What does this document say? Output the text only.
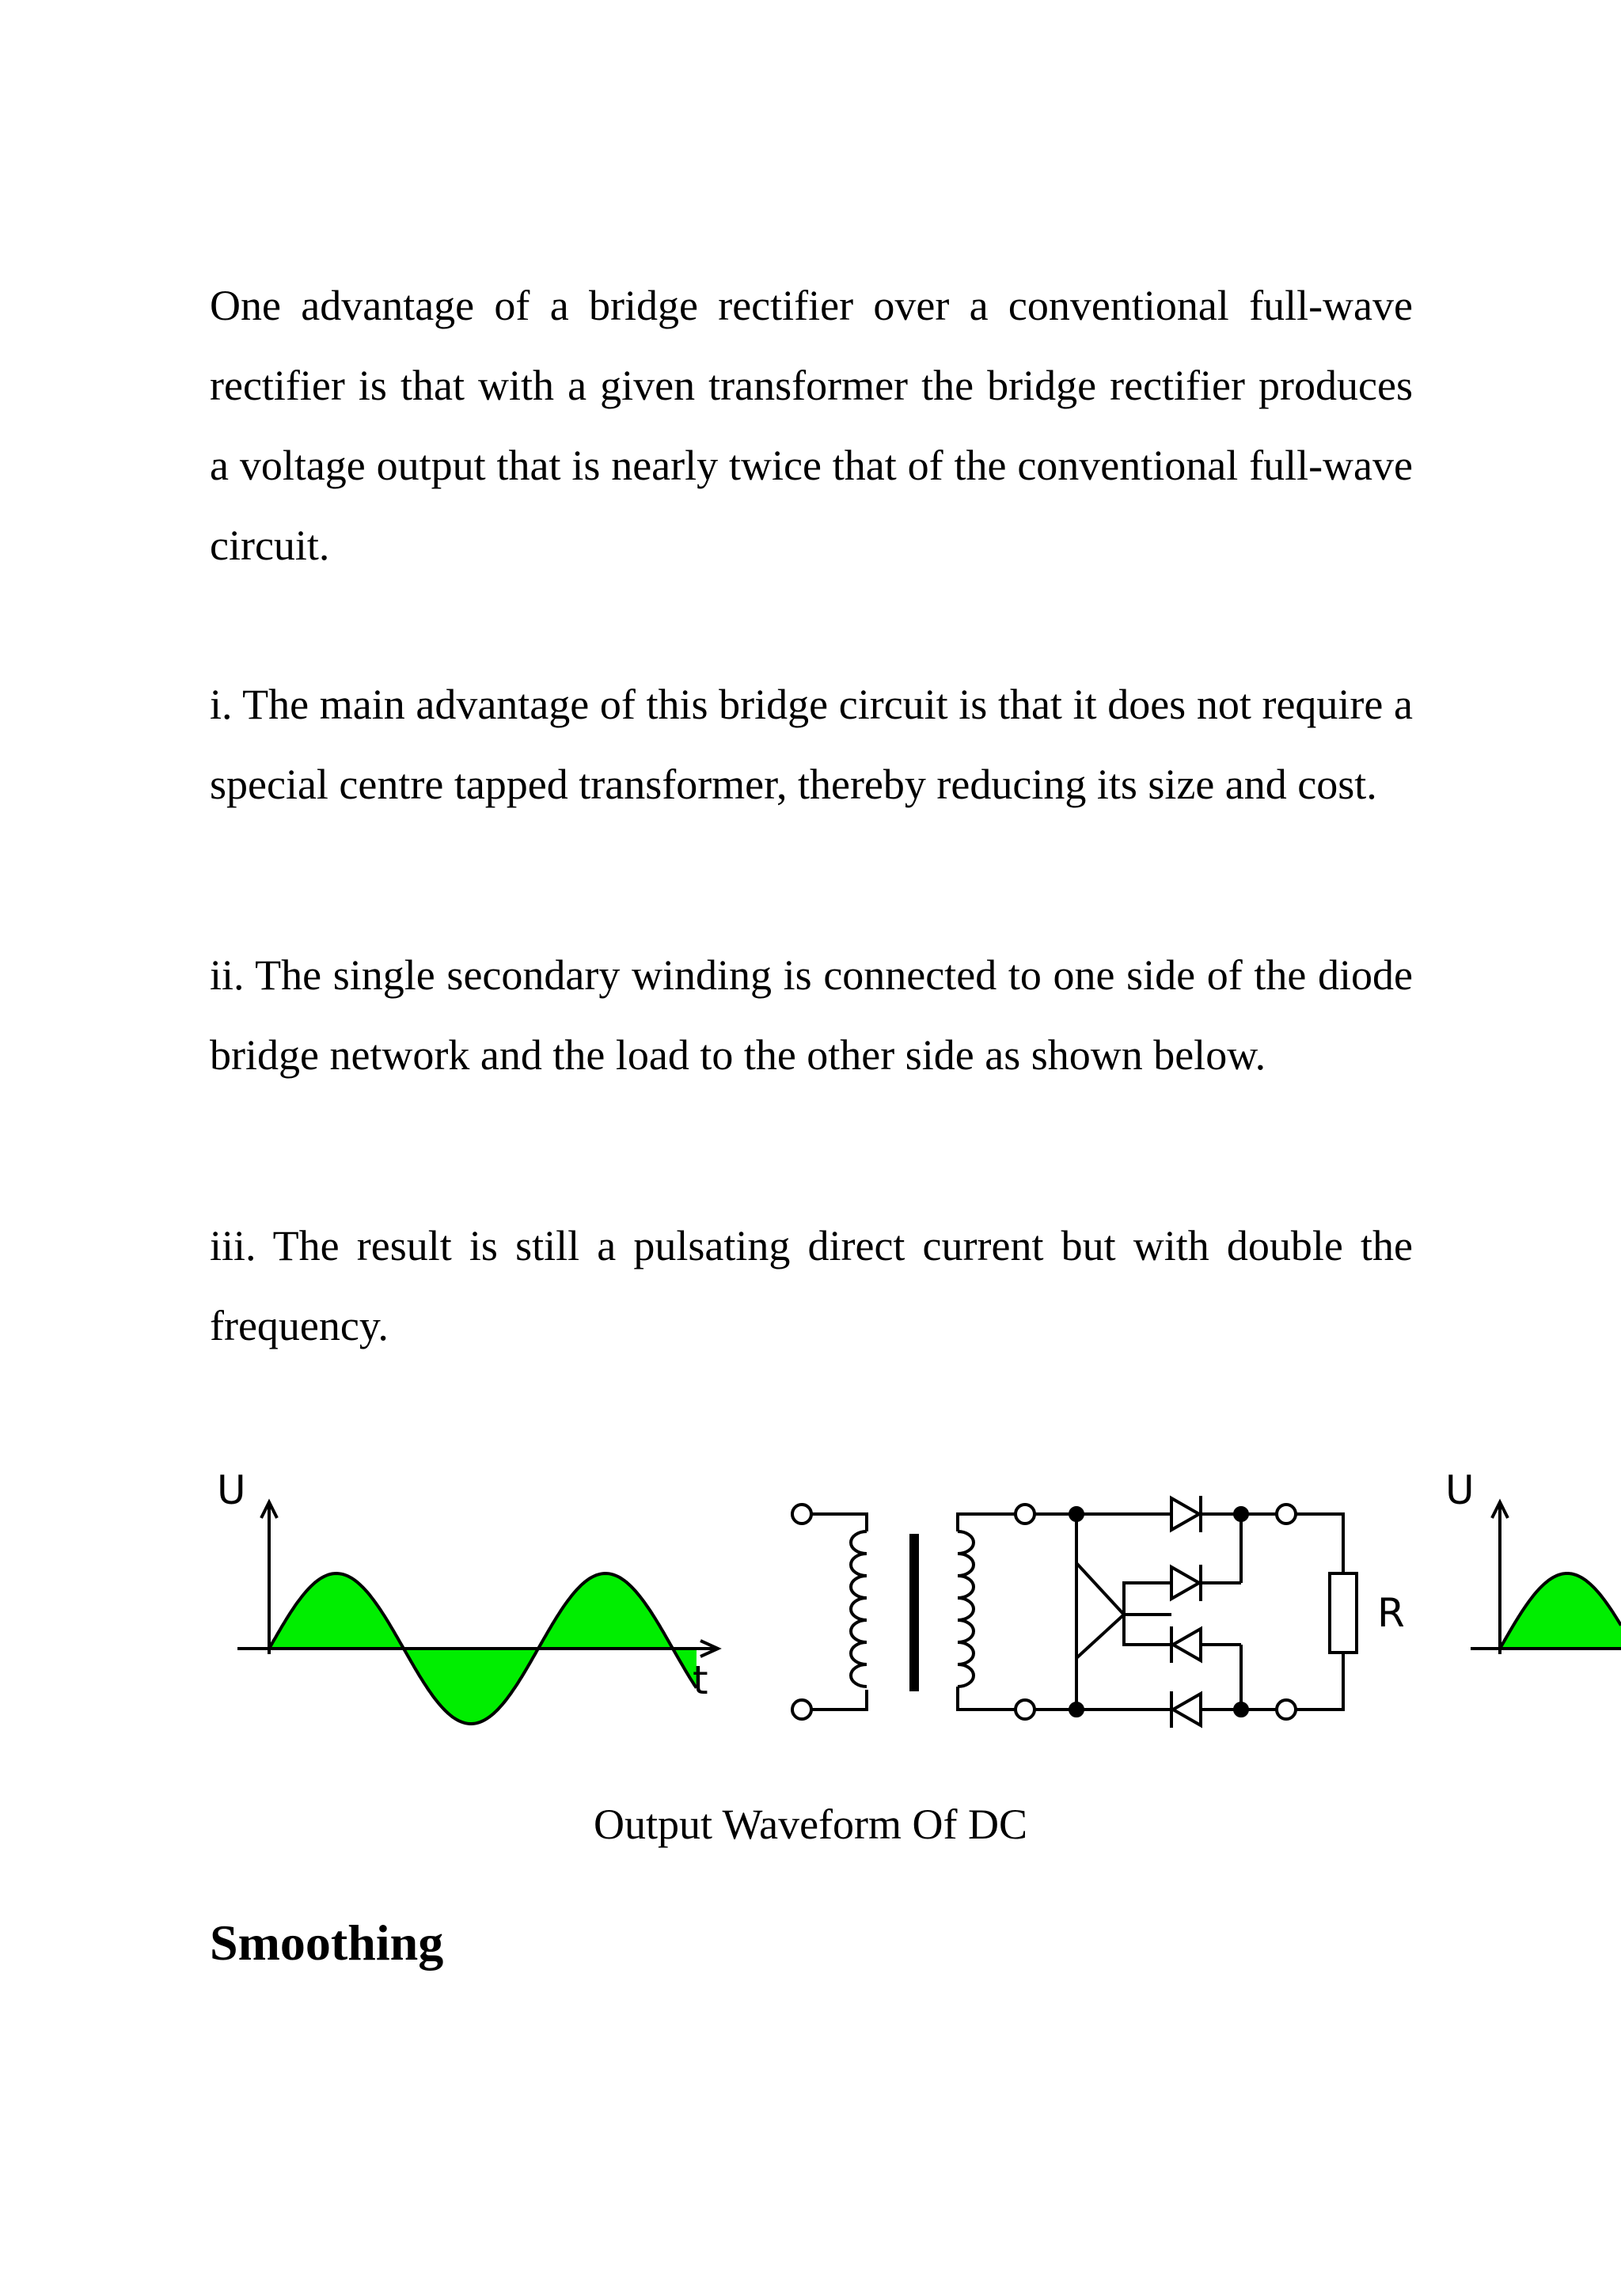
One advantage of a bridge rectifier over a conventional full-wave rectifier is that with a given transformer the bridge rectifier produces a voltage output that is nearly twice that of the conventional full-wave circuit.

i. The main advantage of this bridge circuit is that it does not require a special centre tapped transformer, thereby reducing its size and cost.

ii. The single secondary winding is connected to one side of the diode bridge network and the load to the other side as shown below.

iii. The result is still a pulsating direct current but with double the frequency.

U
t
R
U

Output Waveform Of DC

Smoothing
